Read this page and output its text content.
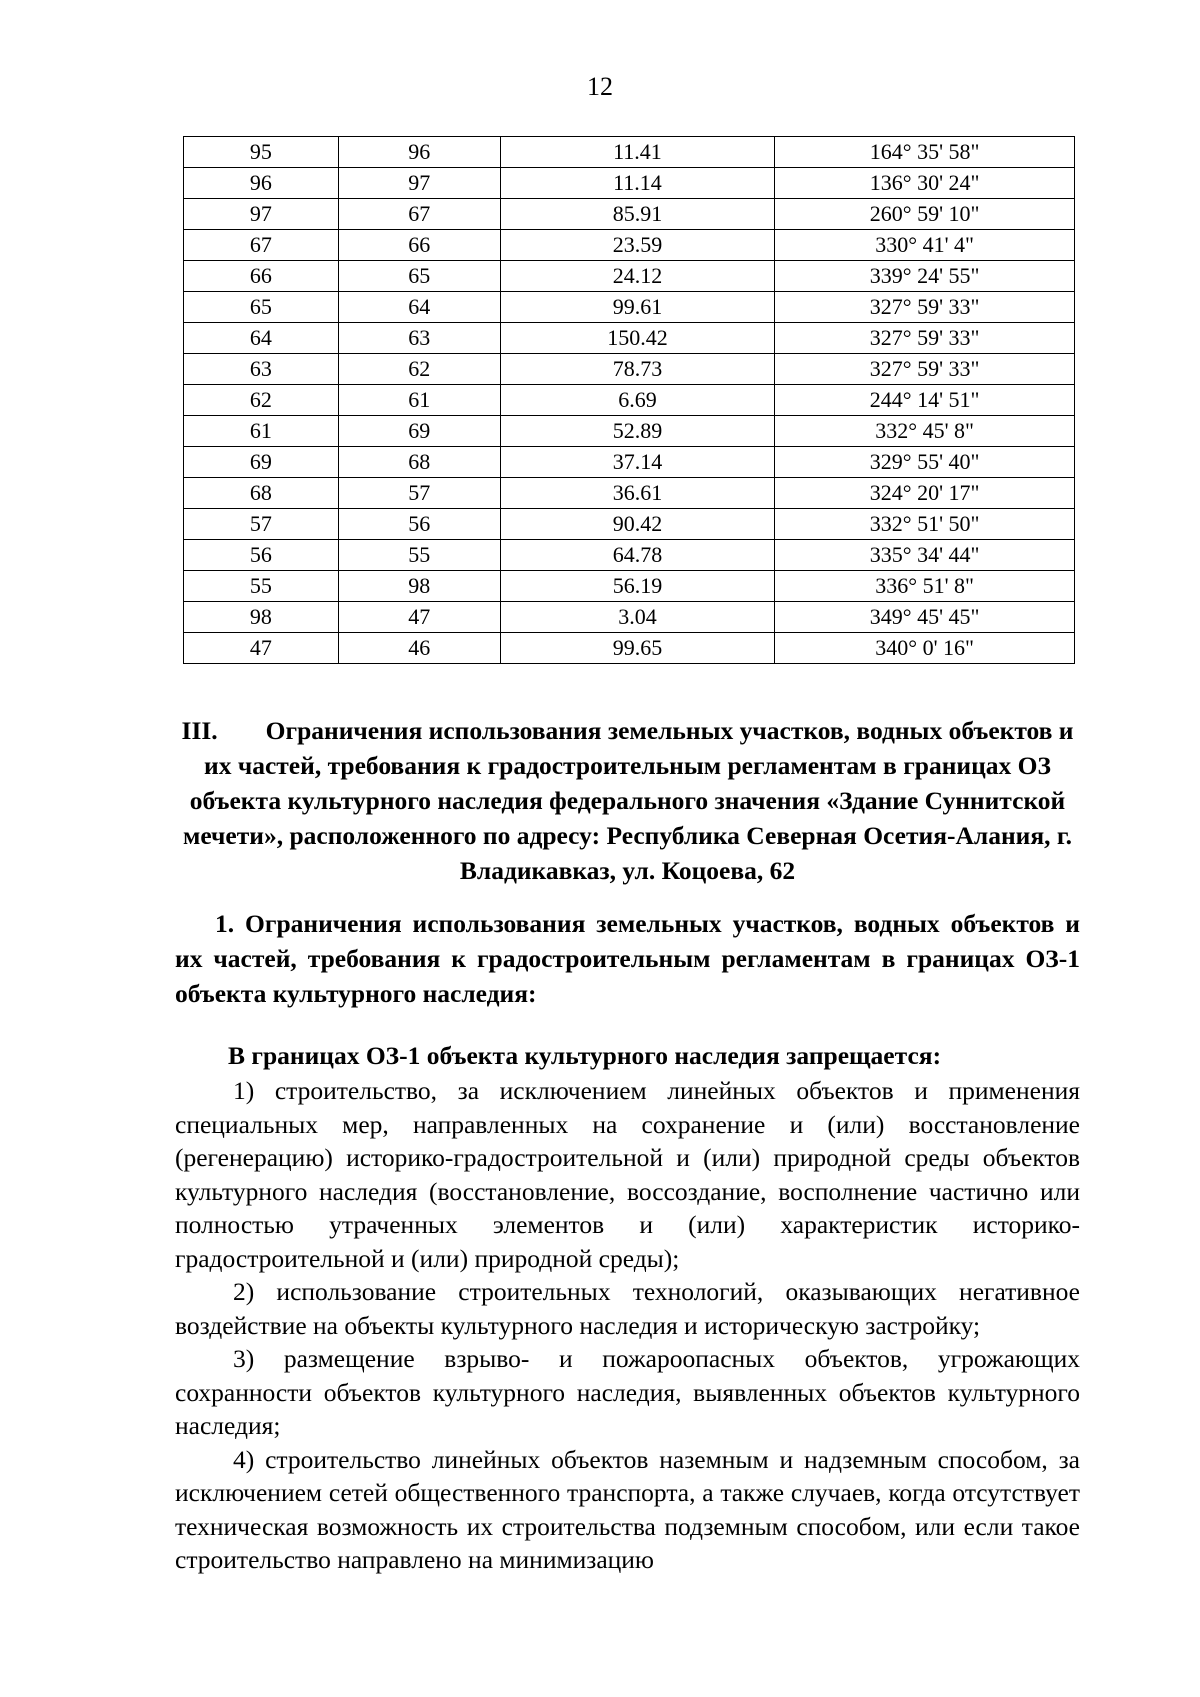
12
95	96	11.41	164° 35' 58"
96	97	11.14	136° 30' 24"
97	67	85.91	260° 59' 10"
67	66	23.59	330° 41' 4"
66	65	24.12	339° 24' 55"
65	64	99.61	327° 59' 33"
64	63	150.42	327° 59' 33"
63	62	78.73	327° 59' 33"
62	61	6.69	244° 14' 51"
61	69	52.89	332° 45' 8"
69	68	37.14	329° 55' 40"
68	57	36.61	324° 20' 17"
57	56	90.42	332° 51' 50"
56	55	64.78	335° 34' 44"
55	98	56.19	336° 51' 8"
98	47	3.04	349° 45' 45"
47	46	99.65	340° 0' 16"
III. Ограничения использования земельных участков, водных объектов и их частей, требования к градостроительным регламентам в границах ОЗ объекта культурного наследия федерального значения «Здание Суннитской мечети», расположенного по адресу: Республика Северная Осетия-Алания, г. Владикавказ, ул. Коцоева, 62
1. Ограничения использования земельных участков, водных объектов и их частей, требования к градостроительным регламентам в границах ОЗ-1 объекта культурного наследия:
В границах ОЗ-1 объекта культурного наследия запрещается:

1) строительство, за исключением линейных объектов и применения специальных мер, направленных на сохранение и (или) восстановление (регенерацию) историко-градостроительной и (или) природной среды объектов культурного наследия (восстановление, воссоздание, восполнение частично или полностью утраченных элементов и (или) характеристик историко-градостроительной и (или) природной среды);

2) использование строительных технологий, оказывающих негативное воздействие на объекты культурного наследия и историческую застройку;

3) размещение взрыво- и пожароопасных объектов, угрожающих сохранности объектов культурного наследия, выявленных объектов культурного наследия;

4) строительство линейных объектов наземным и надземным способом, за исключением сетей общественного транспорта, а также случаев, когда отсутствует техническая возможность их строительства подземным способом, или если такое строительство направлено на минимизацию
